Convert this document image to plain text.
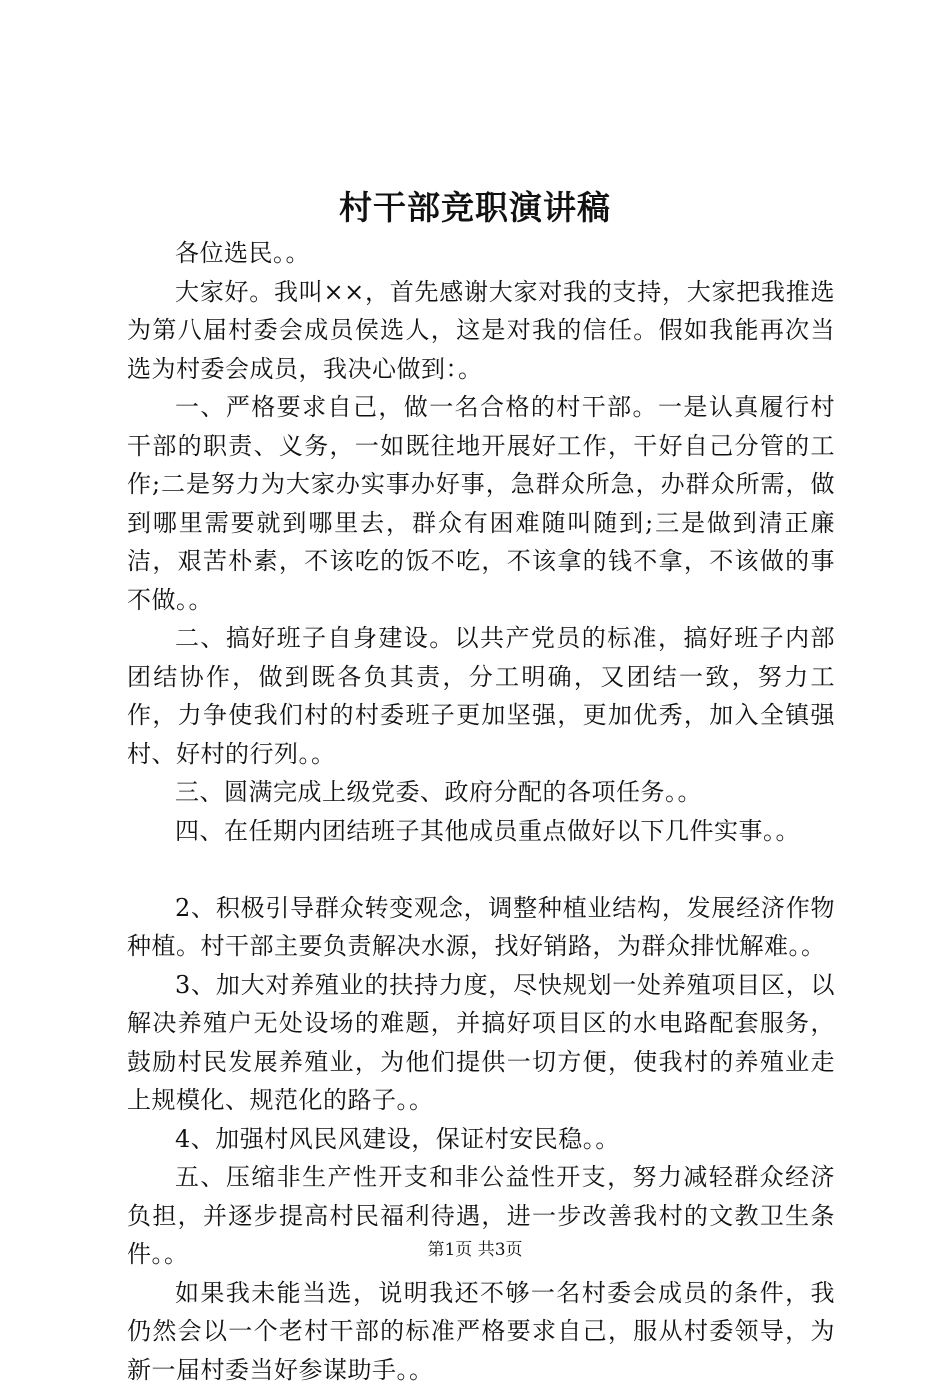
村干部竞职演讲稿

各位选民。。

大家好。我叫××，首先感谢大家对我的支持，大家把我推选为第八届村委会成员侯选人，这是对我的信任。假如我能再次当选为村委会成员，我决心做到：。

一、严格要求自己，做一名合格的村干部。一是认真履行村干部的职责、义务，一如既往地开展好工作，干好自己分管的工作;二是努力为大家办实事办好事，急群众所急，办群众所需，做到哪里需要就到哪里去，群众有困难随叫随到;三是做到清正廉洁，艰苦朴素，不该吃的饭不吃，不该拿的钱不拿，不该做的事不做。。

二、搞好班子自身建设。以共产党员的标准，搞好班子内部团结协作，做到既各负其责，分工明确，又团结一致，努力工作，力争使我们村的村委班子更加坚强，更加优秀，加入全镇强村、好村的行列。。

三、圆满完成上级党委、政府分配的各项任务。。

四、在任期内团结班子其他成员重点做好以下几件实事。。

2、积极引导群众转变观念，调整种植业结构，发展经济作物种植。村干部主要负责解决水源，找好销路，为群众排忧解难。。

3、加大对养殖业的扶持力度，尽快规划一处养殖项目区，以解决养殖户无处设场的难题，并搞好项目区的水电路配套服务，鼓励村民发展养殖业，为他们提供一切方便，使我村的养殖业走上规模化、规范化的路子。。

4、加强村风民风建设，保证村安民稳。。

五、压缩非生产性开支和非公益性开支，努力减轻群众经济负担，并逐步提高村民福利待遇，进一步改善我村的文教卫生条件。。

如果我未能当选，说明我还不够一名村委会成员的条件，我仍然会以一个老村干部的标准严格要求自己，服从村委领导，为新一届村委当好参谋助手。。

第1页 共3页
